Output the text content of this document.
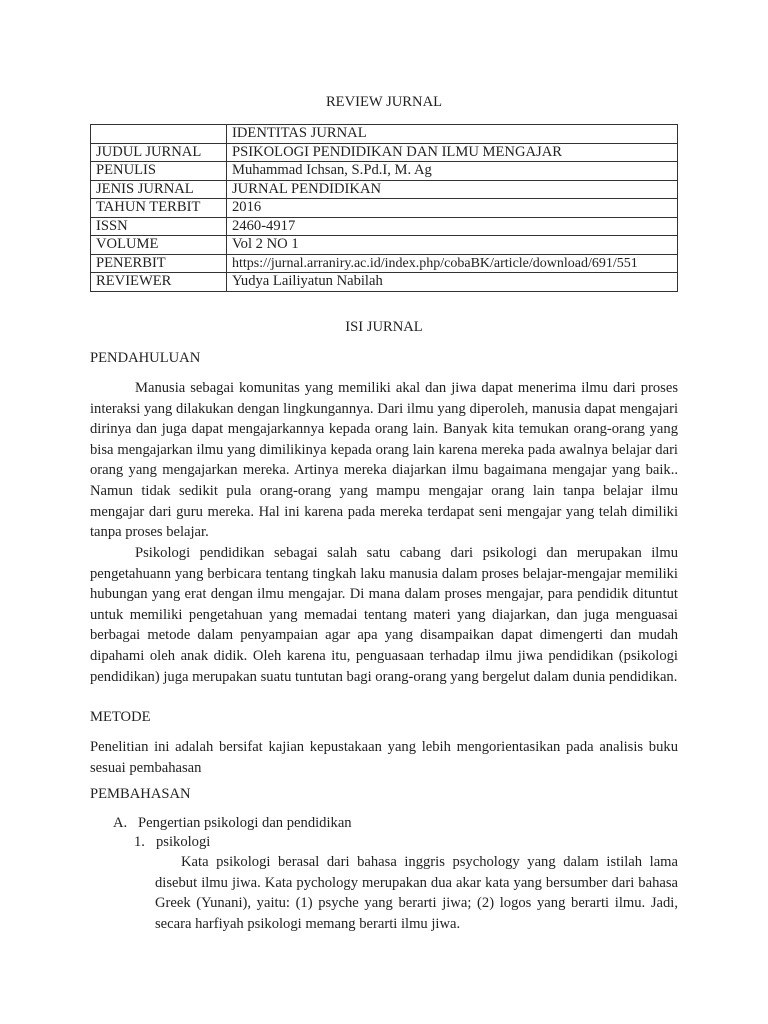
REVIEW JURNAL
	IDENTITAS JURNAL
JUDUL JURNAL	PSIKOLOGI PENDIDIKAN DAN ILMU MENGAJAR
PENULIS	Muhammad Ichsan, S.Pd.I, M. Ag
JENIS JURNAL	JURNAL PENDIDIKAN
TAHUN TERBIT	2016
ISSN	2460-4917
VOLUME	Vol 2 NO 1
PENERBIT	https://jurnal.arraniry.ac.id/index.php/cobaBK/article/download/691/551
REVIEWER	Yudya Lailiyatun Nabilah
ISI JURNAL
PENDAHULUAN

Manusia sebagai komunitas yang memiliki akal dan jiwa dapat menerima ilmu dari proses interaksi yang dilakukan dengan lingkungannya. Dari ilmu yang diperoleh, manusia dapat mengajari dirinya dan juga dapat mengajarkannya kepada orang lain. Banyak kita temukan orang-orang yang bisa mengajarkan ilmu yang dimilikinya kepada orang lain karena mereka pada awalnya belajar dari orang yang mengajarkan mereka. Artinya mereka diajarkan ilmu bagaimana mengajar yang baik.. Namun tidak sedikit pula orang-orang yang mampu mengajar orang lain tanpa belajar ilmu mengajar dari guru mereka. Hal ini karena pada mereka terdapat seni mengajar yang telah dimiliki tanpa proses belajar.

Psikologi pendidikan sebagai salah satu cabang dari psikologi dan merupakan ilmu pengetahuann yang berbicara tentang tingkah laku manusia dalam proses belajar-mengajar memiliki hubungan yang erat dengan ilmu mengajar. Di mana dalam proses mengajar, para pendidik dituntut untuk memiliki pengetahuan yang memadai tentang materi yang diajarkan, dan juga menguasai berbagai metode dalam penyampaian agar apa yang disampaikan dapat dimengerti dan mudah dipahami oleh anak didik. Oleh karena itu, penguasaan terhadap ilmu jiwa pendidikan (psikologi pendidikan) juga merupakan suatu tuntutan bagi orang-orang yang bergelut dalam dunia pendidikan.

METODE

Penelitian ini adalah bersifat kajian kepustakaan yang lebih mengorientasikan pada analisis buku sesuai pembahasan

PEMBAHASAN
A. Pengertian psikologi dan pendidikan
1. psikologi

Kata psikologi berasal dari bahasa inggris psychology yang dalam istilah lama disebut ilmu jiwa. Kata pychology merupakan dua akar kata yang bersumber dari bahasa Greek (Yunani), yaitu: (1) psyche yang berarti jiwa; (2) logos yang berarti ilmu. Jadi, secara harfiyah psikologi memang berarti ilmu jiwa.
